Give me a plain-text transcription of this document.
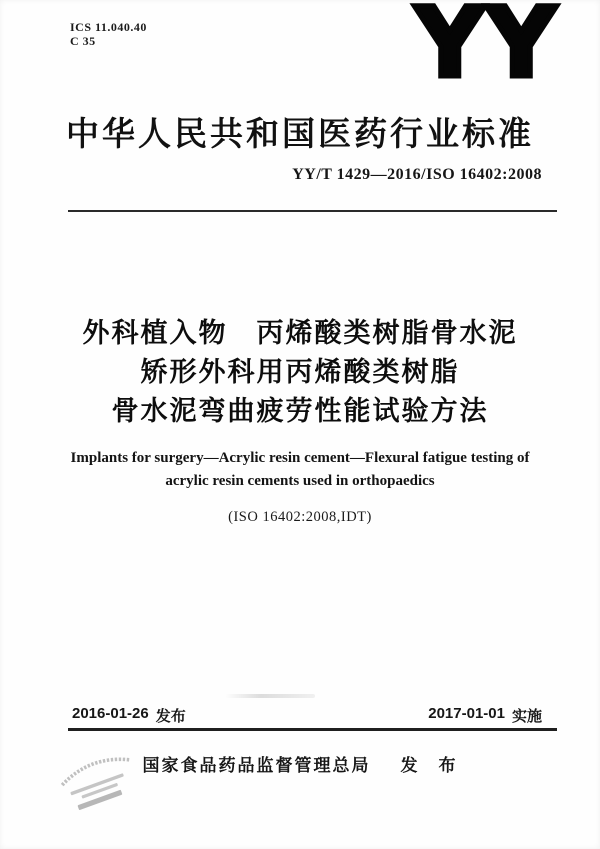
ICS 11.040.40
C 35	YY
中华人民共和国医药行业标准
YY/T 1429—2016/ISO 16402:2008
外科植入物　丙烯酸类树脂骨水泥
矫形外科用丙烯酸类树脂
骨水泥弯曲疲劳性能试验方法
Implants for surgery—Acrylic resin cement—Flexural fatigue testing of
acrylic resin cements used in orthopaedics
(ISO 16402:2008,IDT)
2016-01-26 发布	2017-01-01 实施
国家食品药品监督管理总局 发　布
